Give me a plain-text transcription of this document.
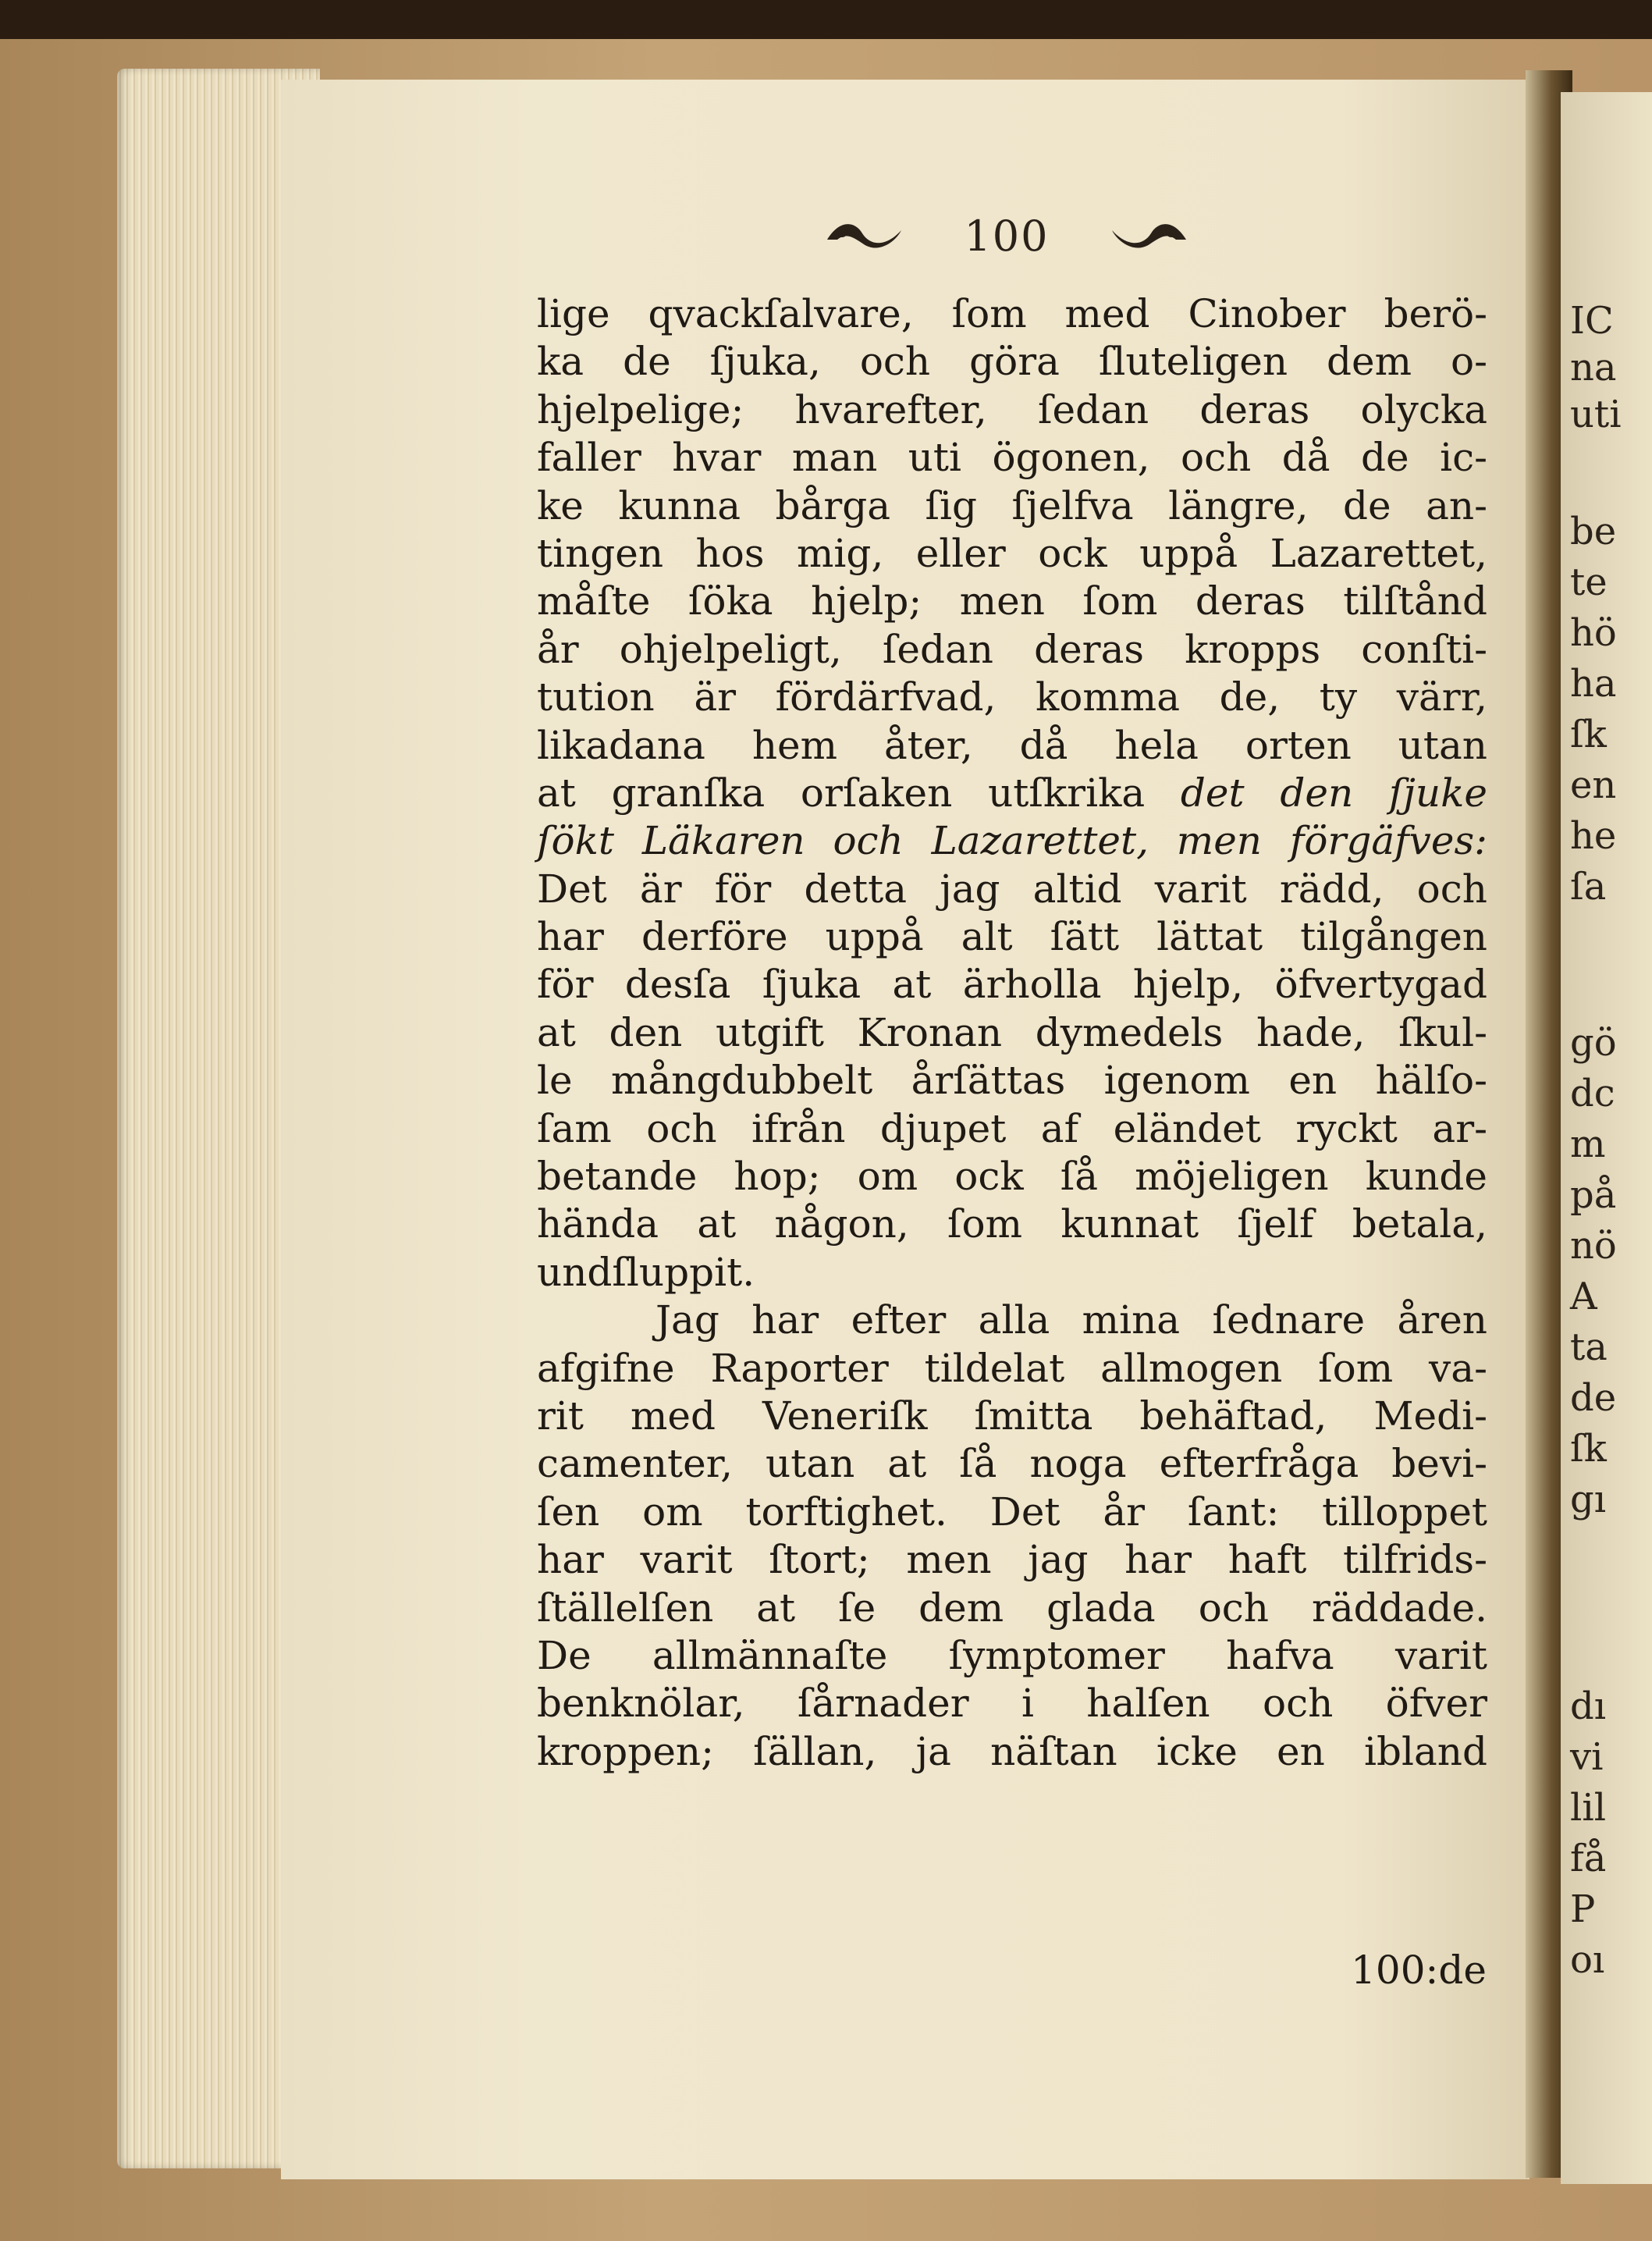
100
lige qvackſalvare, ſom med Cinober berö-
ka de ſjuka, och göra ſluteligen dem o-
hjelpelige; hvarefter, ſedan deras olycka
faller hvar man uti ögonen, och då de ic-
ke kunna bårga ſig ſjelfva längre, de an-
tingen hos mig, eller ock uppå Lazarettet,
måſte ſöka hjelp; men ſom deras tilſtånd
år ohjelpeligt, ſedan deras kropps conſti-
tution är fördärfvad, komma de, ty värr,
likadana hem åter, då hela orten utan
at granſka orſaken utſkrika det den ſjuke
ſökt Läkaren och Lazarettet, men förgäfves:
Det är för detta jag altid varit rädd, och
har derföre uppå alt ſätt lättat tilgången
för desſa ſjuka at ärholla hjelp, öfvertygad
at den utgift Kronan dymedels hade, ſkul-
le mångdubbelt årſättas igenom en hälſo-
ſam och ifrån djupet af eländet ryckt ar-
betande hop; om ock ſå möjeligen kunde
hända at någon, ſom kunnat ſjelf betala,
undſluppit.
Jag har efter alla mina ſednare åren
afgifne Raporter tildelat allmogen ſom va-
rit med Veneriſk ſmitta behäftad, Medi-
camenter, utan at ſå noga efterfråga bevi-
ſen om torftighet. Det år ſant: tilloppet
har varit ſtort; men jag har haft tilfrids-
ſtällelſen at ſe dem glada och räddade.
De allmännaſte ſymptomer hafva varit
benknölar, ſårnader i halſen och öfver
kroppen; ſällan, ja näſtan icke en ibland
100:de
IC
na
uti
be
te
hö
ha
ſk
en
he
ſa
gö
dc
m
på
nö
A
ta
de
ſk
gı
dı
vi
lil
få
P
oı
